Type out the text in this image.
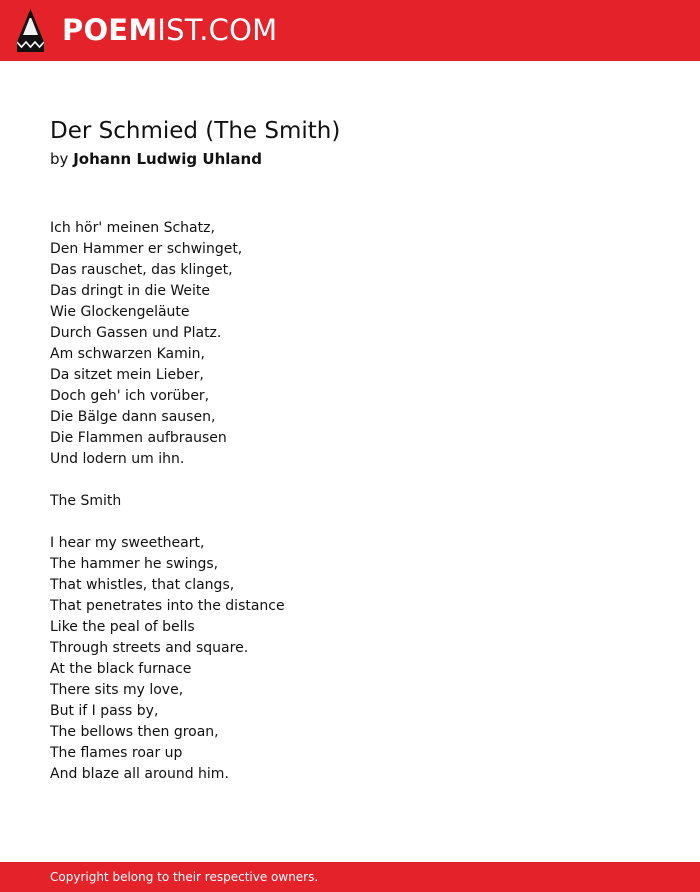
POEMIST.COM
Der Schmied (The Smith)
by Johann Ludwig Uhland
Ich hör' meinen Schatz,
Den Hammer er schwinget,
Das rauschet, das klinget,
Das dringt in die Weite
Wie Glockengeläute
Durch Gassen und Platz.
Am schwarzen Kamin,
Da sitzet mein Lieber,
Doch geh' ich vorüber,
Die Bälge dann sausen,
Die Flammen aufbrausen
Und lodern um ihn.
The Smith
I hear my sweetheart,
The hammer he swings,
That whistles, that clangs,
That penetrates into the distance
Like the peal of bells
Through streets and square.
At the black furnace
There sits my love,
But if I pass by,
The bellows then groan,
The flames roar up
And blaze all around him.
Copyright belong to their respective owners.
